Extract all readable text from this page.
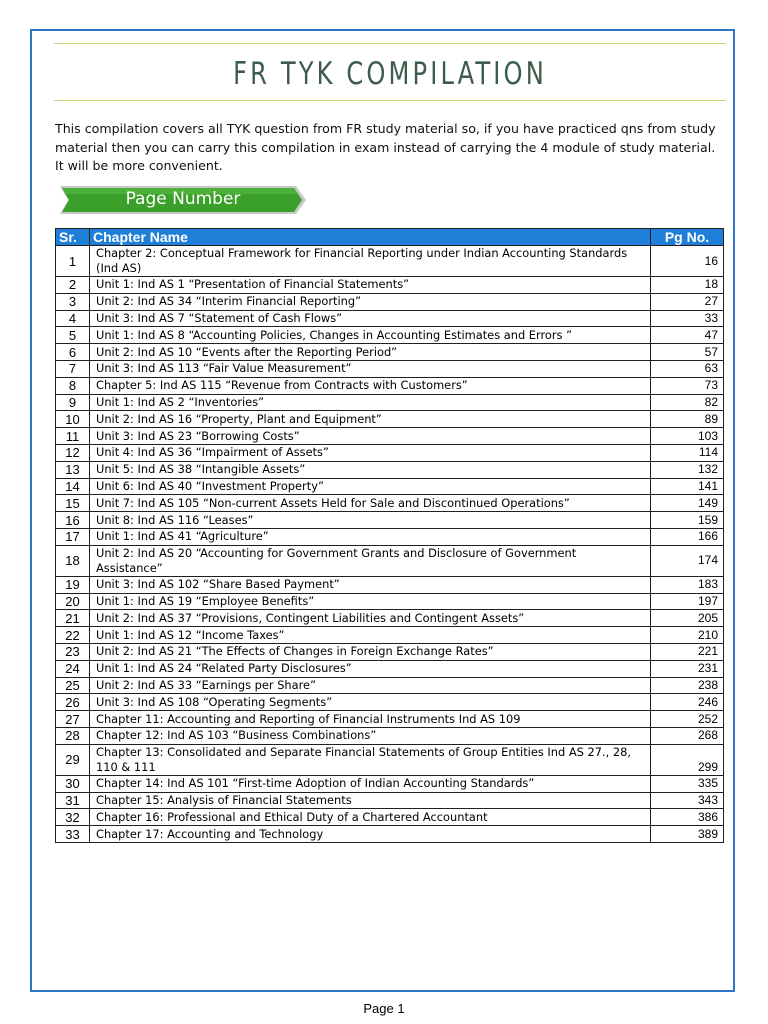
FR TYK COMPILATION
This compilation covers all TYK question from FR study material so, if you have practiced qns from study material then you can carry this compilation in exam instead of carrying the 4 module of study material. It will be more convenient.
Page Number
Sr.	Chapter Name	Pg No.
1	Chapter 2: Conceptual Framework for Financial Reporting under Indian Accounting Standards (Ind AS)	16
2	Unit 1: Ind AS 1 “Presentation of Financial Statements”	18
3	Unit 2: Ind AS 34 “Interim Financial Reporting”	27
4	Unit 3: Ind AS 7 “Statement of Cash Flows”	33
5	Unit 1: Ind AS 8 “Accounting Policies, Changes in Accounting Estimates and Errors ”	47
6	Unit 2: Ind AS 10 “Events after the Reporting Period”	57
7	Unit 3: Ind AS 113 “Fair Value Measurement”	63
8	Chapter 5: Ind AS 115 “Revenue from Contracts with Customers”	73
9	Unit 1: Ind AS 2 “Inventories”	82
10	Unit 2: Ind AS 16 “Property, Plant and Equipment”	89
11	Unit 3: Ind AS 23 “Borrowing Costs”	103
12	Unit 4: Ind AS 36 “Impairment of Assets”	114
13	Unit 5: Ind AS 38 “Intangible Assets”	132
14	Unit 6: Ind AS 40 “Investment Property”	141
15	Unit 7: Ind AS 105 “Non-current Assets Held for Sale and Discontinued Operations”	149
16	Unit 8: Ind AS 116 “Leases”	159
17	Unit 1: Ind AS 41 “Agriculture”	166
18	Unit 2: Ind AS 20 “Accounting for Government Grants and Disclosure of Government Assistance”	174
19	Unit 3: Ind AS 102 “Share Based Payment”	183
20	Unit 1: Ind AS 19 “Employee Benefits”	197
21	Unit 2: Ind AS 37 “Provisions, Contingent Liabilities and Contingent Assets”	205
22	Unit 1: Ind AS 12 “Income Taxes”	210
23	Unit 2: Ind AS 21 “The Effects of Changes in Foreign Exchange Rates”	221
24	Unit 1: Ind AS 24 “Related Party Disclosures”	231
25	Unit 2: Ind AS 33 “Earnings per Share”	238
26	Unit 3: Ind AS 108 “Operating Segments”	246
27	Chapter 11: Accounting and Reporting of Financial Instruments Ind AS 109	252
28	Chapter 12: Ind AS 103 “Business Combinations”	268
29	Chapter 13: Consolidated and Separate Financial Statements of Group Entities Ind AS 27., 28, 110 & 111	299
30	Chapter 14: Ind AS 101 “First-time Adoption of Indian Accounting Standards”	335
31	Chapter 15: Analysis of Financial Statements	343
32	Chapter 16: Professional and Ethical Duty of a Chartered Accountant	386
33	Chapter 17: Accounting and Technology	389
Page 1
